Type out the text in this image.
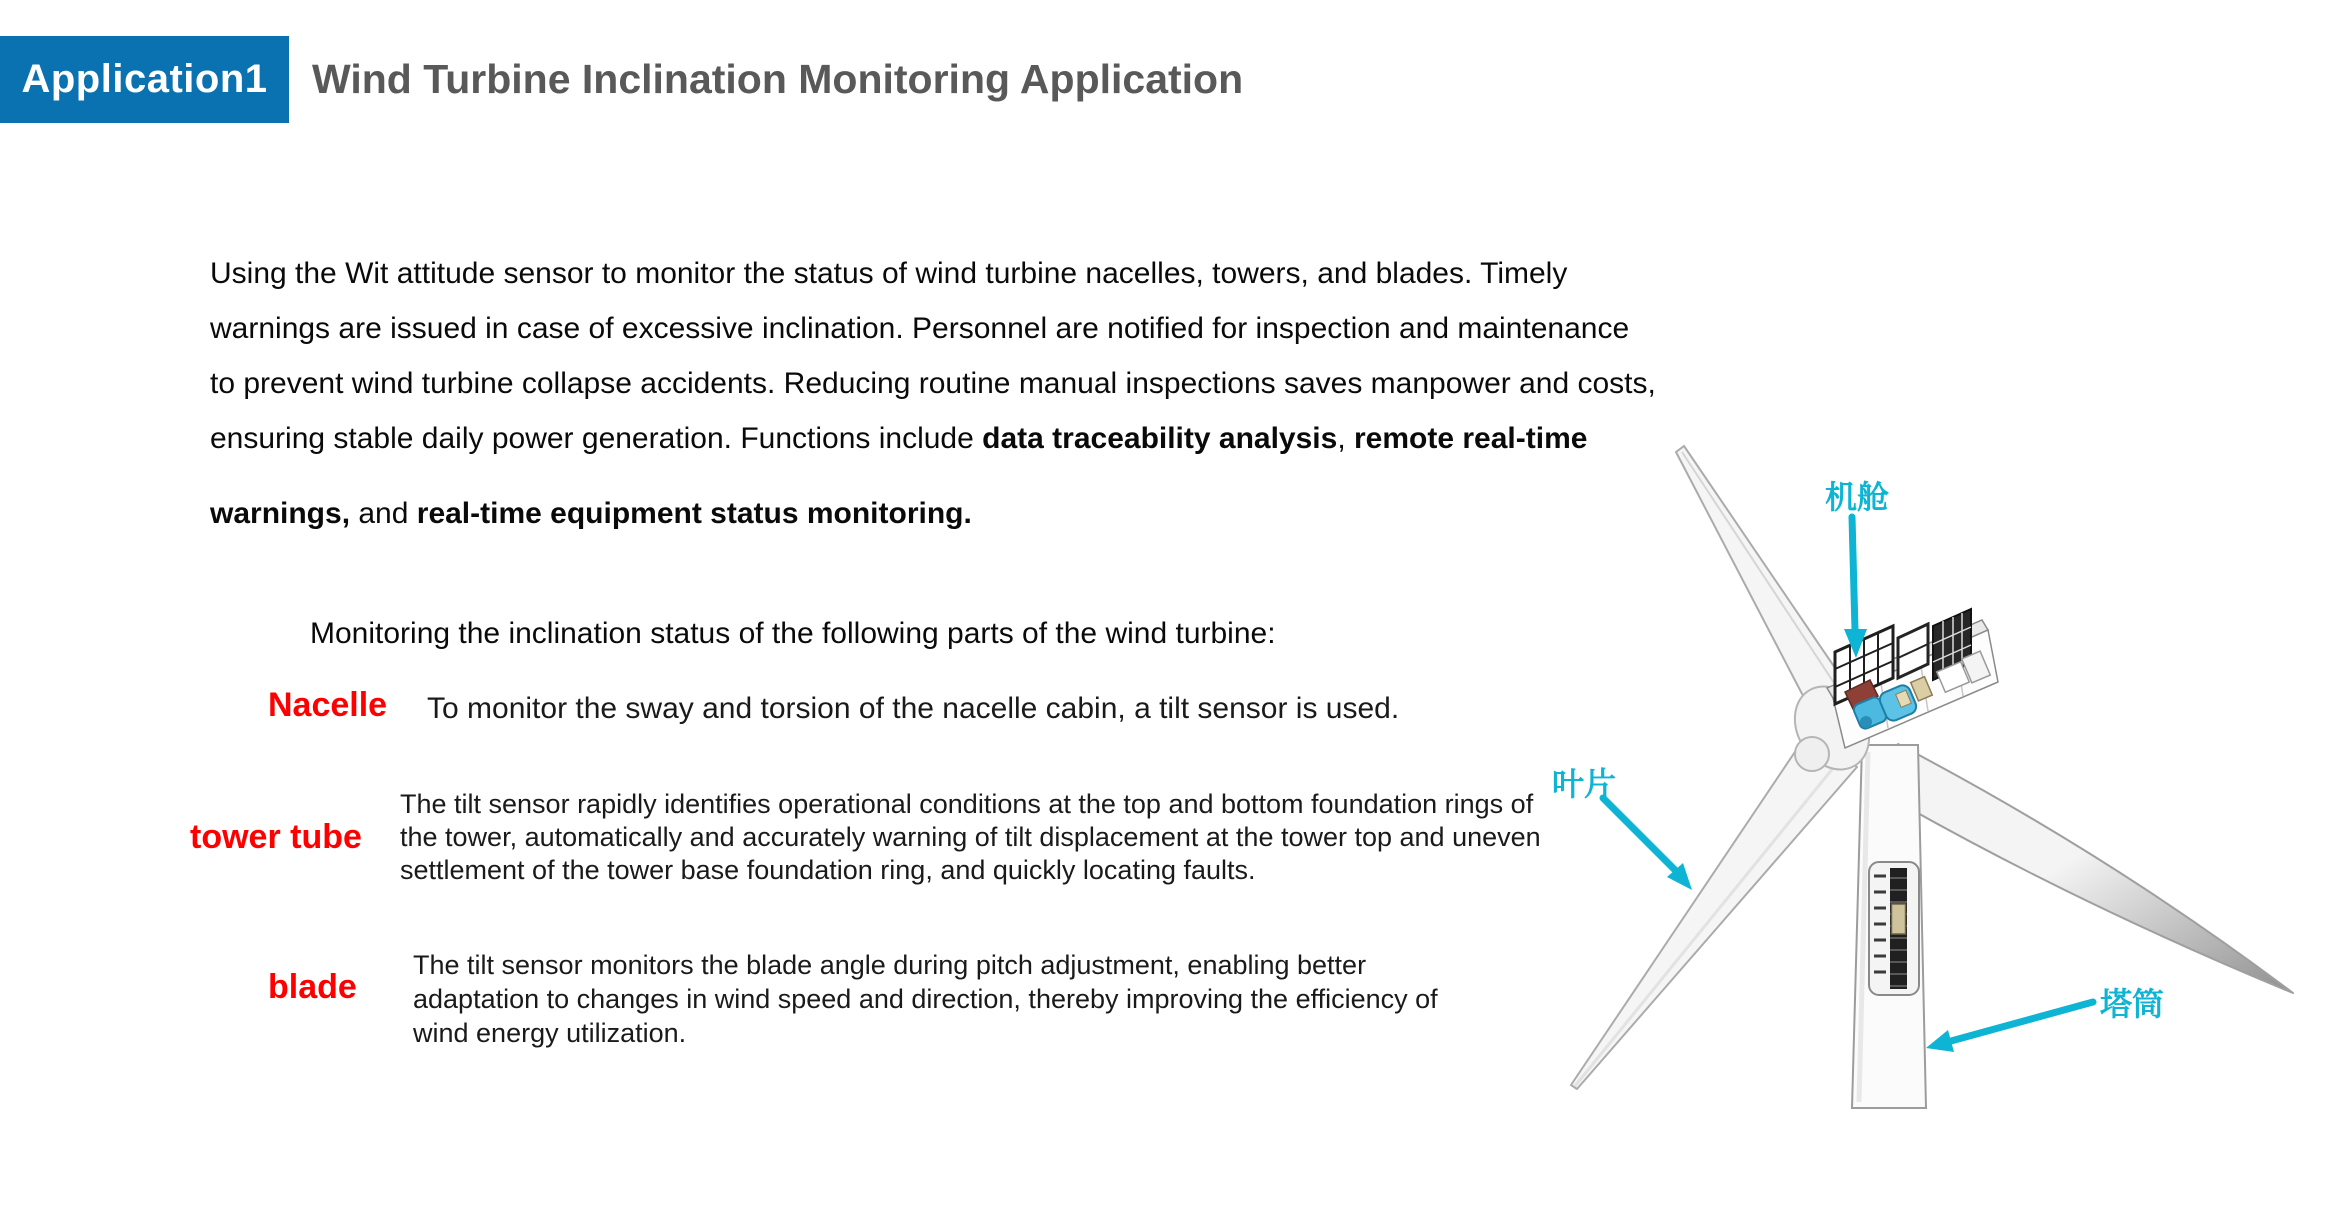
Application1	Wind Turbine Inclination Monitoring Application
Using the Wit attitude sensor to monitor the status of wind turbine nacelles, towers, and blades. Timely
warnings are issued in case of excessive inclination. Personnel are notified for inspection and maintenance
to prevent wind turbine collapse accidents. Reducing routine manual inspections saves manpower and costs,
ensuring stable daily power generation. Functions include data traceability analysis, remote real-time
warnings, and real-time equipment status monitoring.
Monitoring the inclination status of the following parts of the wind turbine:
Nacelle To monitor the sway and torsion of the nacelle cabin, a tilt sensor is used.
tower tube
The tilt sensor rapidly identifies operational conditions at the top and bottom foundation rings of
the tower, automatically and accurately warning of tilt displacement at the tower top and uneven
settlement of the tower base foundation ring, and quickly locating faults.
blade
The tilt sensor monitors the blade angle during pitch adjustment, enabling better
adaptation to changes in wind speed and direction, thereby improving the efficiency of
wind energy utilization.
机舱
叶片
塔筒
